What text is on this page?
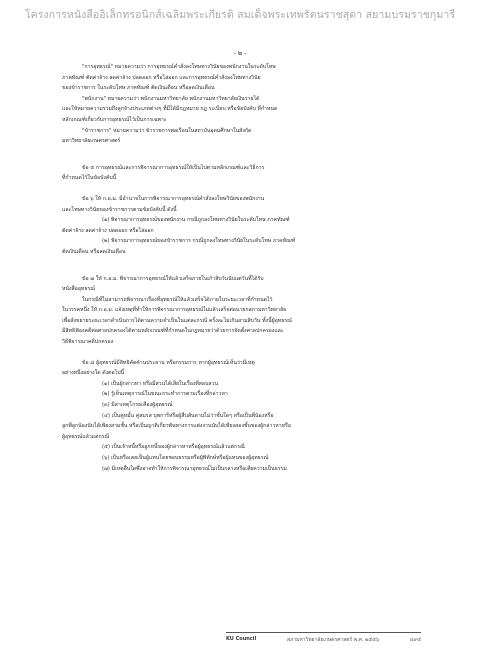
โครงการหนังสืออิเล็กทรอนิกส์เฉลิมพระเกียรติ สมเด็จพระเทพรัตนราชสุดา สยามบรมราชกุมารี
- ๒ -

"การอุทธรณ์" หมายความว่า การอุทธรณ์คำสั่งลงโทษทางวินัยของพนักงานในระดับโทษ

ภาคทัณฑ์ ตัดค่าจ้าง ลดค่าจ้าง ปลดออก หรือไล่ออก และการอุทธรณ์คำสั่งลงโทษทางวินัย

ของข้าราชการ ในระดับโทษ ภาคทัณฑ์ ตัดเงินเดือน หรือลดเงินเดือน

"พนักงาน" หมายความว่า พนักงานมหาวิทยาลัย พนักงานมหาวิทยาลัยเงินรายได้

และให้หมายความรวมถึงลูกจ้างประเภทต่างๆ ที่มีได้มีกฎหมาย กฎ ระเบียบ หรือข้อบังคับ ที่กำหนด

หลักเกณฑ์เกี่ยวกับการอุทธรณ์ไว้เป็นการเฉพาะ

"ข้าราชการ" หมายความว่า ข้าราชการพลเรือนในสถาบันอุดมศึกษาในสังกัด

มหาวิทยาลัยเกษตรศาสตร์

ข้อ ๕ การอุทธรณ์และการพิจารณาการอุทธรณ์ให้เป็นไปตามหลักเกณฑ์และวิธีการ

ที่กำหนดไว้ในข้อบังคับนี้

ข้อ ๖ ให้ ก.อ.ม. มีอำนาจในการพิจารณาการอุทธรณ์คำสั่งลงโทษวินัยของพนักงาน

และโทษทางวินัยของข้าราชการตามข้อบังคับนี้ ดังนี้

(๑) พิจารณาการอุทธรณ์ของพนักงาน กรณีถูกลงโทษทางวินัยในระดับโทษ ภาคทัณฑ์

ตัดค่าจ้าง ลดค่าจ้าง ปลดออก หรือไล่ออก

(๒) พิจารณาการอุทธรณ์ของข้าราชการ กรณีถูกลงโทษทางวินัยในระดับโทษ ภาคทัณฑ์

ตัดเงินเดือน หรือลดเงินเดือน

ข้อ ๗ ให้ ก.อ.ม. พิจารณาการอุทธรณ์ให้แล้วเสร็จภายในเก้าสิบวันนับแต่วันที่ได้รับ

หนังสืออุทธรณ์

ในกรณีที่ไม่สามารถพิจารณาเรื่องที่อุทธรณ์ให้แล้วเสร็จได้ภายในระยะเวลาที่กำหนดไว้

ในวรรคหนึ่ง ให้ ก.อ.ม. แจ้งเหตุที่ทำให้การพิจารณาการอุทธรณ์ไม่แล้วเสร็จต่อนายกสภามหาวิทยาลัย

เพื่อสั่งขยายระยะเวลาดำเนินการได้ตามความจำเป็นในแต่ละกรณี ครั้งละไม่เกินสามสิบวัน ทั้งนี้ผู้อุทธรณ์

มีสิทธิฟ้องคดีต่อศาลปกครองได้ตามหลักเกณฑ์ที่กำหนดในกฎหมายว่าด้วยการจัดตั้งศาลปกครองและ

วิธีพิจารณาคดีปกครอง

ข้อ ๘ ผู้อุทธรณ์มีสิทธิคัดค้านประธาน หรือกรรมการ หากผู้อุทธรณ์เห็นว่ามีเหตุ

อย่างหนึ่งอย่างใด ดังต่อไปนี้

(๑) เป็นผู้กล่าวหา หรือมีส่วนได้เสียในเรื่องที่สอบสวน

(๒) รู้เห็นเหตุการณ์ในขณะกระทำการตามเรื่องที่กล่าวหา

(๓) มีสาเหตุโกรธเคืองผู้อุทธรณ์

(๔) เป็นคู่หมั้น คู่สมรส บุพการีหรือผู้สืบสันดานไม่ว่าชั้นใดๆ หรือเป็นพี่น้องหรือ

ลูกพี่ลูกน้องนับได้เพียงสามชั้น หรือเป็นญาติเกี่ยวพันทางการแต่งงานนับได้เพียงสองชั้นของผู้กล่าวหาหรือ

ผู้อุทธรณ์แล้วแต่กรณี

(๕) เป็นเจ้าหนี้หรือลูกหนี้ของผู้กล่าวหาหรือผู้อุทธรณ์แล้วแต่กรณี

(๖) เป็นหรือเคยเป็นผู้แทนโดยชอบธรรมหรือผู้พิทักษ์หรือผู้แทนของผู้อุทธรณ์

(๗) มีเหตุอื่นใดซึ่งอาจทำให้การพิจารณาอุทธรณ์ไม่เป็นกลางหรือเสียความเป็นธรรม

KU Council	สภามหาวิทยาลัยเกษตรศาสตร์ พ.ศ. ๒๕๕๖	๔๙๕
